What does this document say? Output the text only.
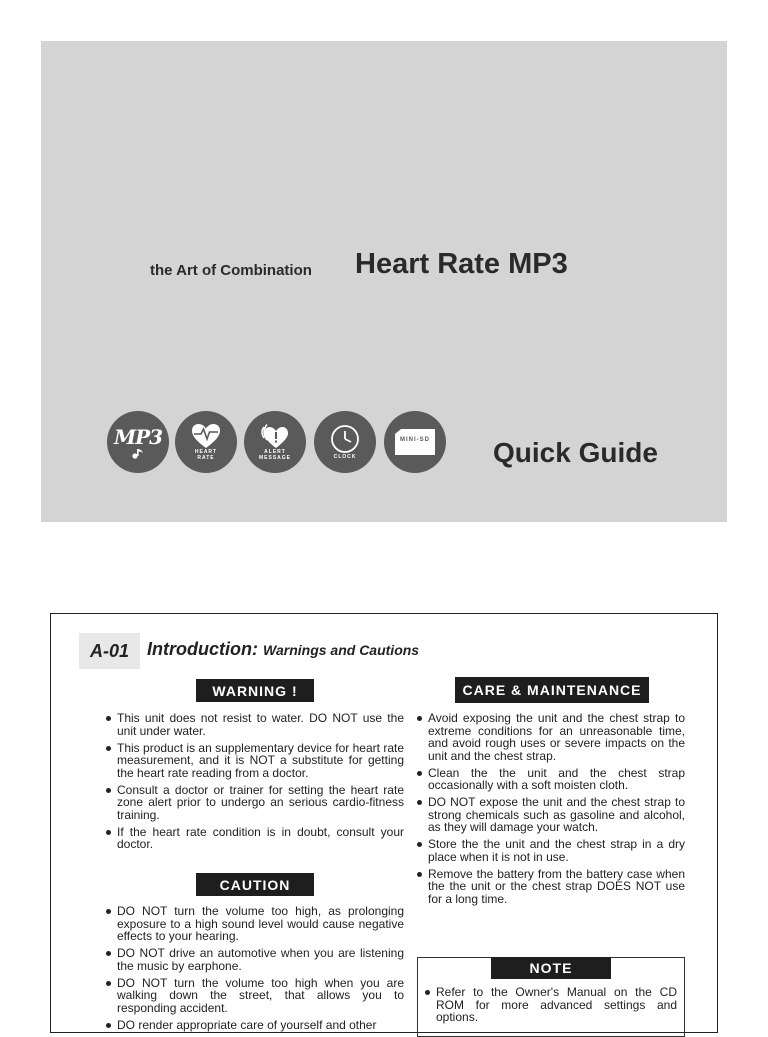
the Art of Combination Heart Rate MP3
MP3
HEART
RATE
ALERT
MESSAGE	CLOCK
MINI-SD Quick Guide
A-01	Introduction: Warnings and Cautions
WARNING !
This unit does not resist to water. DO NOT use the unit under water.
This product is an supplementary device for heart rate measurement, and it is NOT a substitute for getting the heart rate reading from a doctor.
Consult a doctor or trainer for setting the heart rate zone alert prior to undergo an serious cardio-fitness training.
If the heart rate condition is in doubt, consult your doctor.
CAUTION
DO NOT turn the volume too high, as prolonging exposure to a high sound level would cause negative effects to your hearing.
DO NOT drive an automotive when you are listening the music by earphone.
DO NOT turn the volume too high when you are walking down the street, that allows you to responding accident.
DO render appropriate care of yourself and other
CARE & MAINTENANCE
Avoid exposing the unit and the chest strap to extreme conditions for an unreasonable time, and avoid rough uses or severe impacts on the unit and the chest strap.
Clean the the unit and the chest strap occasionally with a soft moisten cloth.
DO NOT expose the unit and the chest strap to strong chemicals such as gasoline and alcohol, as they will damage your watch.
Store the the unit and the chest strap in a dry place when it is not in use.
Remove the battery from the battery case when the the unit or the chest strap DOES NOT use for a long time.
NOTE
Refer to the Owner's Manual on the CD ROM for more advanced settings and options.
